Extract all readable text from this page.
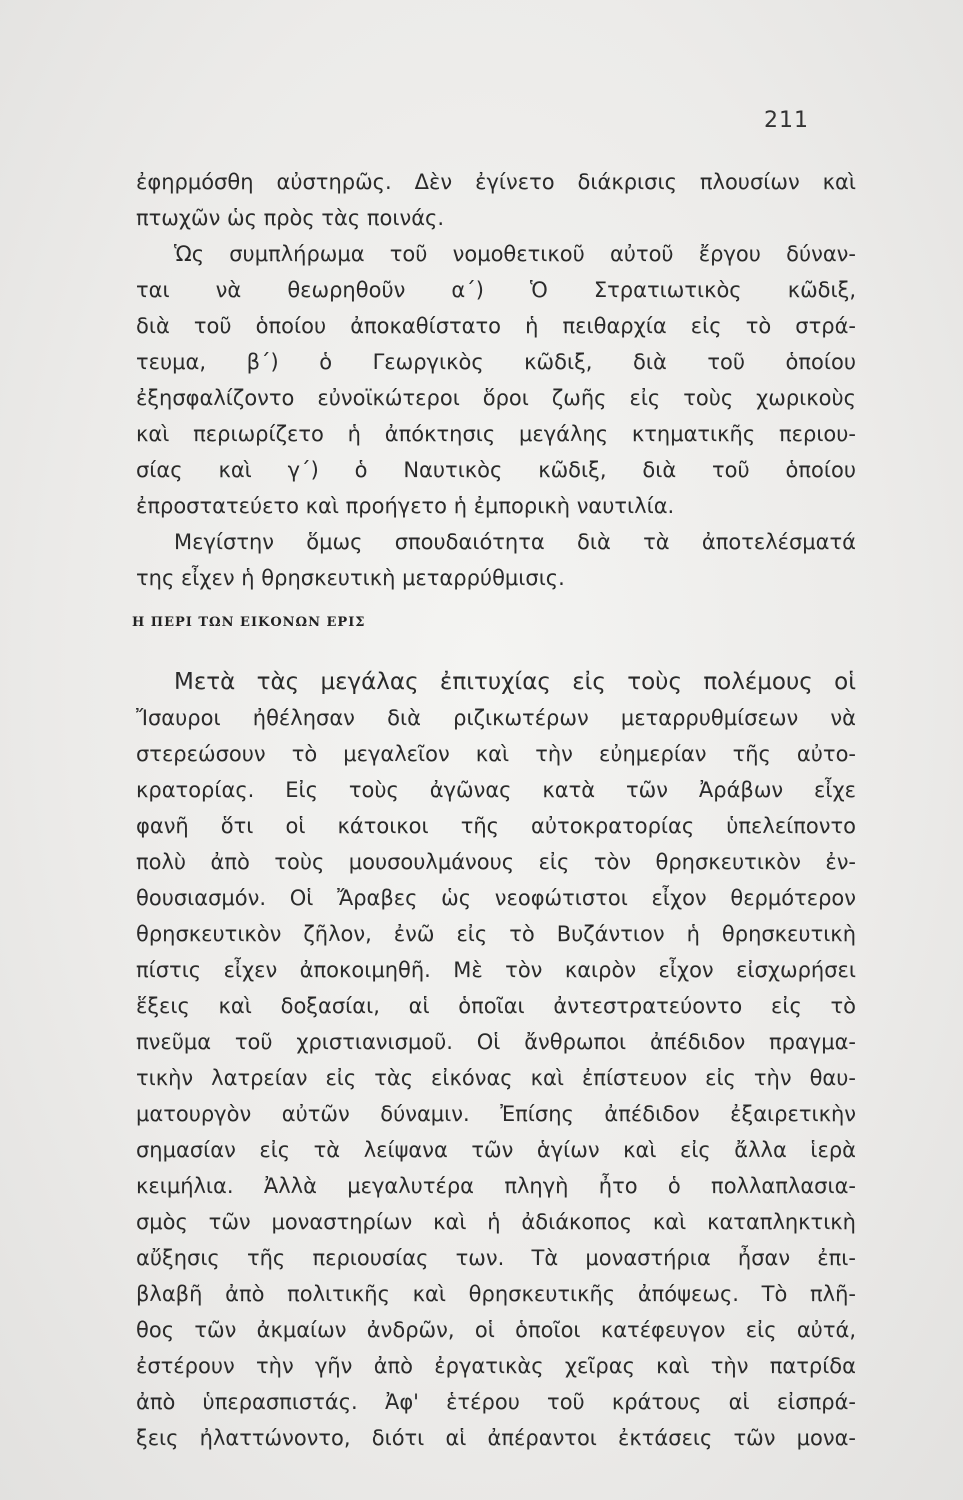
211
ἐφηρμόσθη αὐστηρῶς. Δὲν ἐγίνετο διάκρισις πλουσίων καὶ
πτωχῶν ὡς πρὸς τὰς ποινάς.
Ὡς συμπλήρωμα τοῦ νομοθετικοῦ αὐτοῦ ἔργου δύναν-
ται νὰ θεωρηθοῦν α΄) Ὁ Στρατιωτικὸς κῶδιξ,
διὰ τοῦ ὁποίου ἀποκαθίστατο ἡ πειθαρχία εἰς τὸ στρά-
τευμα, β΄) ὁ Γεωργικὸς κῶδιξ, διὰ τοῦ ὁποίου
ἐξησφαλίζοντο εὐνοϊκώτεροι ὅροι ζωῆς εἰς τοὺς χωρικοὺς
καὶ περιωρίζετο ἡ ἀπόκτησις μεγάλης κτηματικῆς περιου-
σίας καὶ γ΄) ὁ Ναυτικὸς κῶδιξ, διὰ τοῦ ὁποίου
ἐπροστατεύετο καὶ προήγετο ἡ ἐμπορικὴ ναυτιλία.
Μεγίστην ὅμως σπουδαιότητα διὰ τὰ ἀποτελέσματά
της εἶχεν ἡ θρησκευτικὴ μεταρρύθμισις.
Η ΠΕΡΙ ΤΩΝ ΕΙΚΟΝΩΝ ΕΡΙΣ
Μετὰ τὰς μεγάλας ἐπιτυχίας εἰς τοὺς πολέμους οἱ
Ἴσαυροι ἠθέλησαν διὰ ριζικωτέρων μεταρρυθμίσεων νὰ
στερεώσουν τὸ μεγαλεῖον καὶ τὴν εὐημερίαν τῆς αὐτο-
κρατορίας. Εἰς τοὺς ἀγῶνας κατὰ τῶν Ἀράβων εἶχε
φανῆ ὅτι οἱ κάτοικοι τῆς αὐτοκρατορίας ὑπελείποντο
πολὺ ἀπὸ τοὺς μουσουλμάνους εἰς τὸν θρησκευτικὸν ἐν-
θουσιασμόν. Οἱ Ἄραβες ὡς νεοφώτιστοι εἶχον θερμότερον
θρησκευτικὸν ζῆλον, ἐνῶ εἰς τὸ Βυζάντιον ἡ θρησκευτικὴ
πίστις εἶχεν ἀποκοιμηθῆ. Μὲ τὸν καιρὸν εἶχον εἰσχωρήσει
ἕξεις καὶ δοξασίαι, αἱ ὁποῖαι ἀντεστρατεύοντο εἰς τὸ
πνεῦμα τοῦ χριστιανισμοῦ. Οἱ ἄνθρωποι ἀπέδιδον πραγμα-
τικὴν λατρείαν εἰς τὰς εἰκόνας καὶ ἐπίστευον εἰς τὴν θαυ-
ματουργὸν αὐτῶν δύναμιν. Ἐπίσης ἀπέδιδον ἐξαιρετικὴν
σημασίαν εἰς τὰ λείψανα τῶν ἁγίων καὶ εἰς ἄλλα ἱερὰ
κειμήλια. Ἀλλὰ μεγαλυτέρα πληγὴ ἦτο ὁ πολλαπλασια-
σμὸς τῶν μοναστηρίων καὶ ἡ ἀδιάκοπος καὶ καταπληκτικὴ
αὔξησις τῆς περιουσίας των. Τὰ μοναστήρια ἦσαν ἐπι-
βλαβῆ ἀπὸ πολιτικῆς καὶ θρησκευτικῆς ἀπόψεως. Τὸ πλῆ-
θος τῶν ἀκμαίων ἀνδρῶν, οἱ ὁποῖοι κατέφευγον εἰς αὐτά,
ἐστέρουν τὴν γῆν ἀπὸ ἐργατικὰς χεῖρας καὶ τὴν πατρίδα
ἀπὸ ὑπερασπιστάς. Ἀφ' ἑτέρου τοῦ κράτους αἱ εἰσπρά-
ξεις ἠλαττώνοντο, διότι αἱ ἀπέραντοι ἐκτάσεις τῶν μονα-
